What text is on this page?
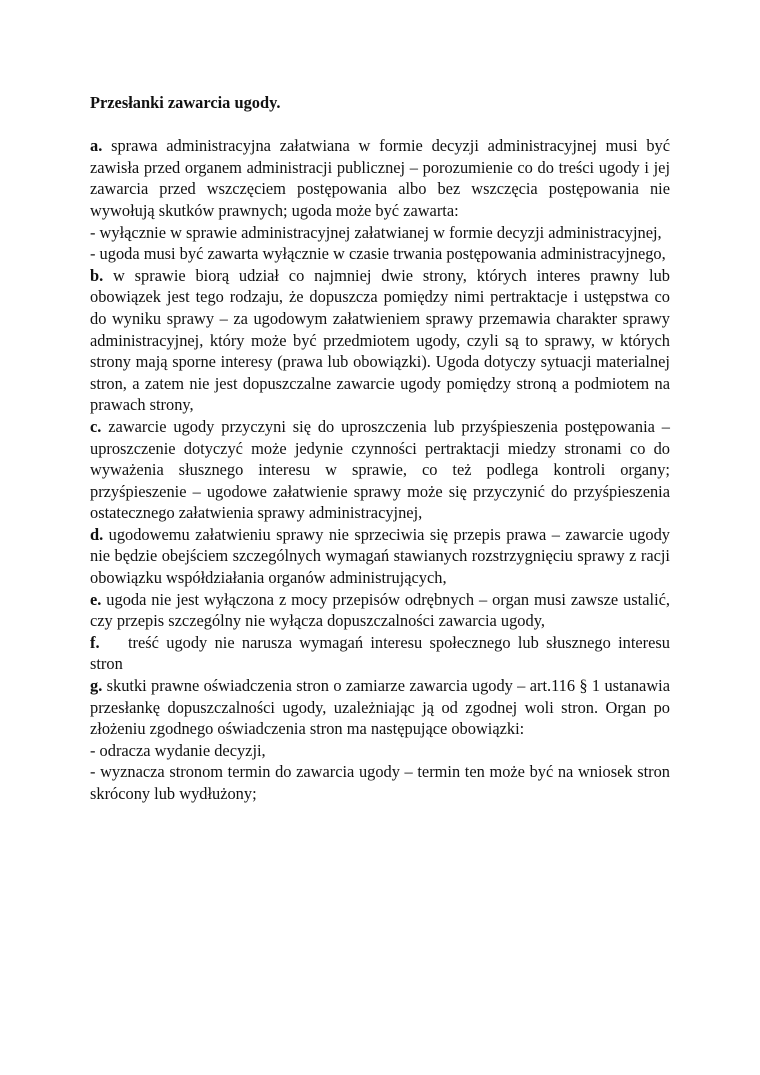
Przesłanki zawarcia ugody.

a. sprawa administracyjna załatwiana w formie decyzji administracyjnej musi być zawisła przed organem administracji publicznej – porozumienie co do treści ugody i jej zawarcia przed wszczęciem postępowania albo bez wszczęcia postępowania nie wywołują skutków prawnych; ugoda może być zawarta:

- wyłącznie w sprawie administracyjnej załatwianej w formie decyzji administracyjnej,

- ugoda musi być zawarta wyłącznie w czasie trwania postępowania administracyjnego,

b. w sprawie biorą udział co najmniej dwie strony, których interes prawny lub obowiązek jest tego rodzaju, że dopuszcza pomiędzy nimi pertraktacje i ustępstwa co do wyniku sprawy – za ugodowym załatwieniem sprawy przemawia charakter sprawy administracyjnej, który może być przedmiotem ugody, czyli są to sprawy, w których strony mają sporne interesy (prawa lub obowiązki). Ugoda dotyczy sytuacji materialnej stron, a zatem nie jest dopuszczalne zawarcie ugody pomiędzy stroną a podmiotem na prawach strony,

c. zawarcie ugody przyczyni się do uproszczenia lub przyśpieszenia postępowania – uproszczenie dotyczyć może jedynie czynności pertraktacji miedzy stronami co do wyważenia słusznego interesu w sprawie, co też podlega kontroli organy; przyśpieszenie – ugodowe załatwienie sprawy może się przyczynić do przyśpieszenia ostatecznego załatwienia sprawy administracyjnej,

d. ugodowemu załatwieniu sprawy nie sprzeciwia się przepis prawa – zawarcie ugody nie będzie obejściem szczególnych wymagań stawianych rozstrzygnięciu sprawy z racji obowiązku współdziałania organów administrujących,

e. ugoda nie jest wyłączona z mocy przepisów odrębnych – organ musi zawsze ustalić, czy przepis szczególny nie wyłącza dopuszczalności zawarcia ugody,

f. treść ugody nie narusza wymagań interesu społecznego lub słusznego interesu stron

g. skutki prawne oświadczenia stron o zamiarze zawarcia ugody – art.116 § 1 ustanawia przesłankę dopuszczalności ugody, uzależniając ją od zgodnej woli stron. Organ po złożeniu zgodnego oświadczenia stron ma następujące obowiązki:

- odracza wydanie decyzji,

- wyznacza stronom termin do zawarcia ugody – termin ten może być na wniosek stron skrócony lub wydłużony;
